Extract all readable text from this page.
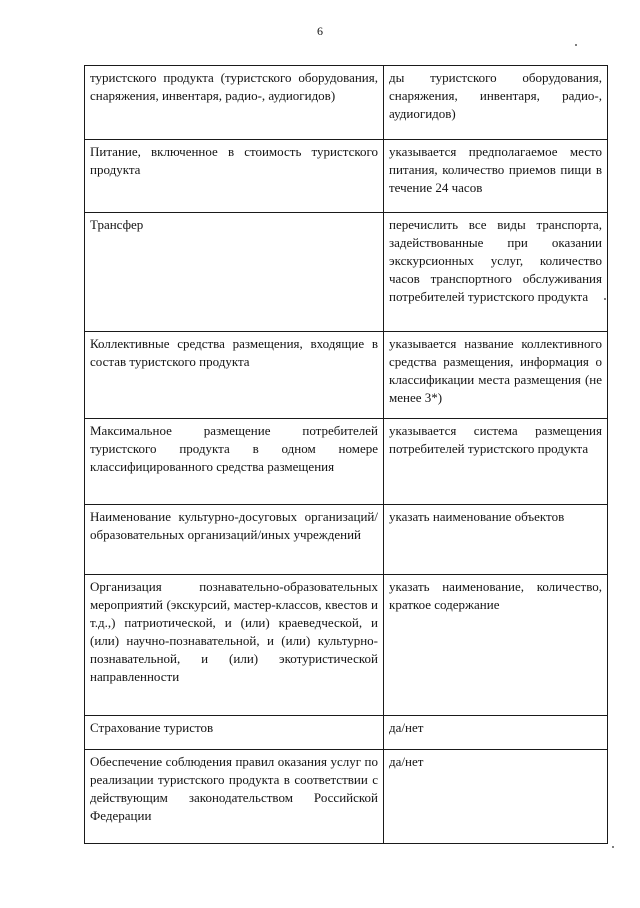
6
туристского продукта (туристского оборудования, снаряжения, инвентаря, радио-, аудиогидов)	ды туристского оборудования, снаряжения, инвентаря, радио-, аудиогидов)
Питание, включенное в стоимость туристского продукта	указывается предполагаемое место питания, количество приемов пищи в течение 24 часов
Трансфер	перечислить все виды транспорта, задействованные при оказании экскурсионных услуг, количество часов транспортного обслуживания потребителей туристского продукта
Коллективные средства размещения, входящие в состав туристского продукта	указывается название коллективного средства размещения, информация о классификации места размещения (не менее 3*)
Максимальное размещение потребителей туристского продукта в одном номере классифицированного средства размещения	указывается система размещения потребителей туристского продукта
Наименование культурно-досуговых организаций/образовательных организаций/иных учреждений	указать наименование объектов
Организация познавательно-образовательных мероприятий (экскурсий, мастер-классов, квестов и т.д.,) патриотической, и (или) краеведческой, и (или) научно-познавательной, и (или) культурно-познавательной, и (или) экотуристической направленности	указать наименование, количество, краткое содержание
Страхование туристов	да/нет
Обеспечение соблюдения правил оказания услуг по реализации туристского продукта в соответствии с действующим законодательством Российской Федерации	да/нет
